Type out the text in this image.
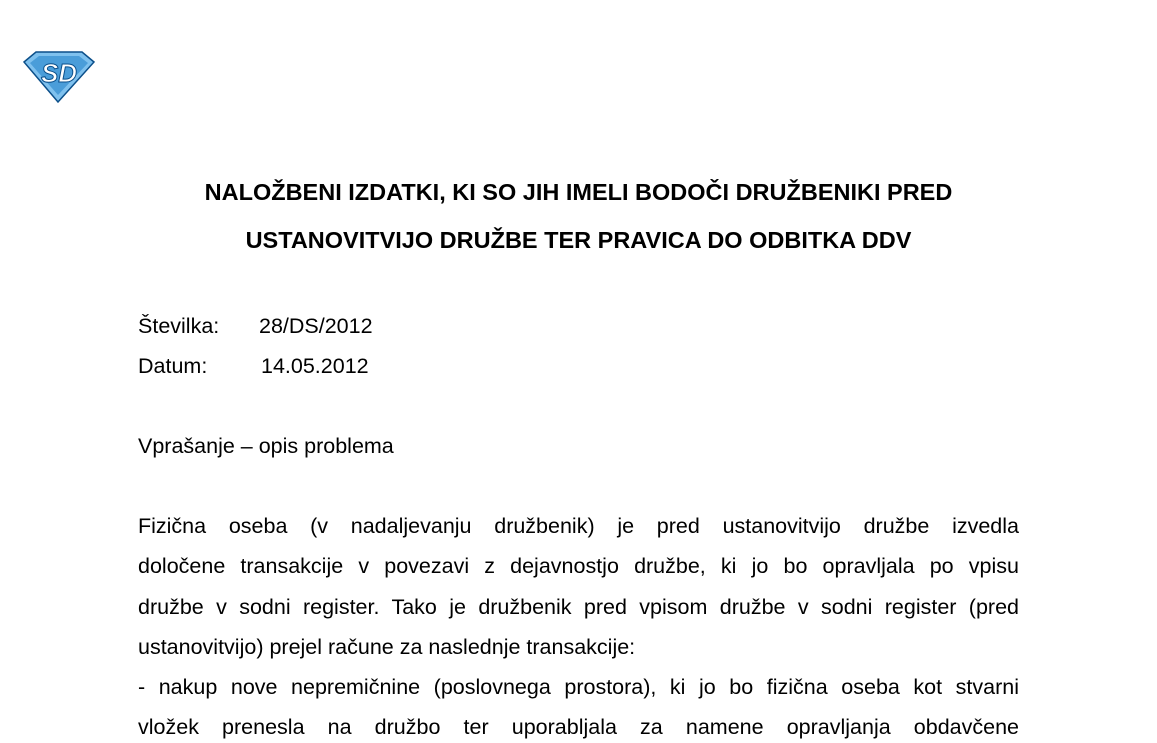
SD
NALOŽBENI IZDATKI, KI SO JIH IMELI BODOČI DRUŽBENIKI PRED
USTANOVITVIJO DRUŽBE TER PRAVICA DO ODBITKA DDV
Številka: 28/DS/2012
Datum: 14.05.2012
Vprašanje – opis problema
Fizična oseba (v nadaljevanju družbenik) je pred ustanovitvijo družbe izvedla
določene transakcije v povezavi z dejavnostjo družbe, ki jo bo opravljala po vpisu
družbe v sodni register. Tako je družbenik pred vpisom družbe v sodni register (pred
ustanovitvijo) prejel račune za naslednje transakcije:
- nakup nove nepremičnine (poslovnega prostora), ki jo bo fizična oseba kot stvarni
vložek prenesla na družbo ter uporabljala za namene opravljanja obdavčene
